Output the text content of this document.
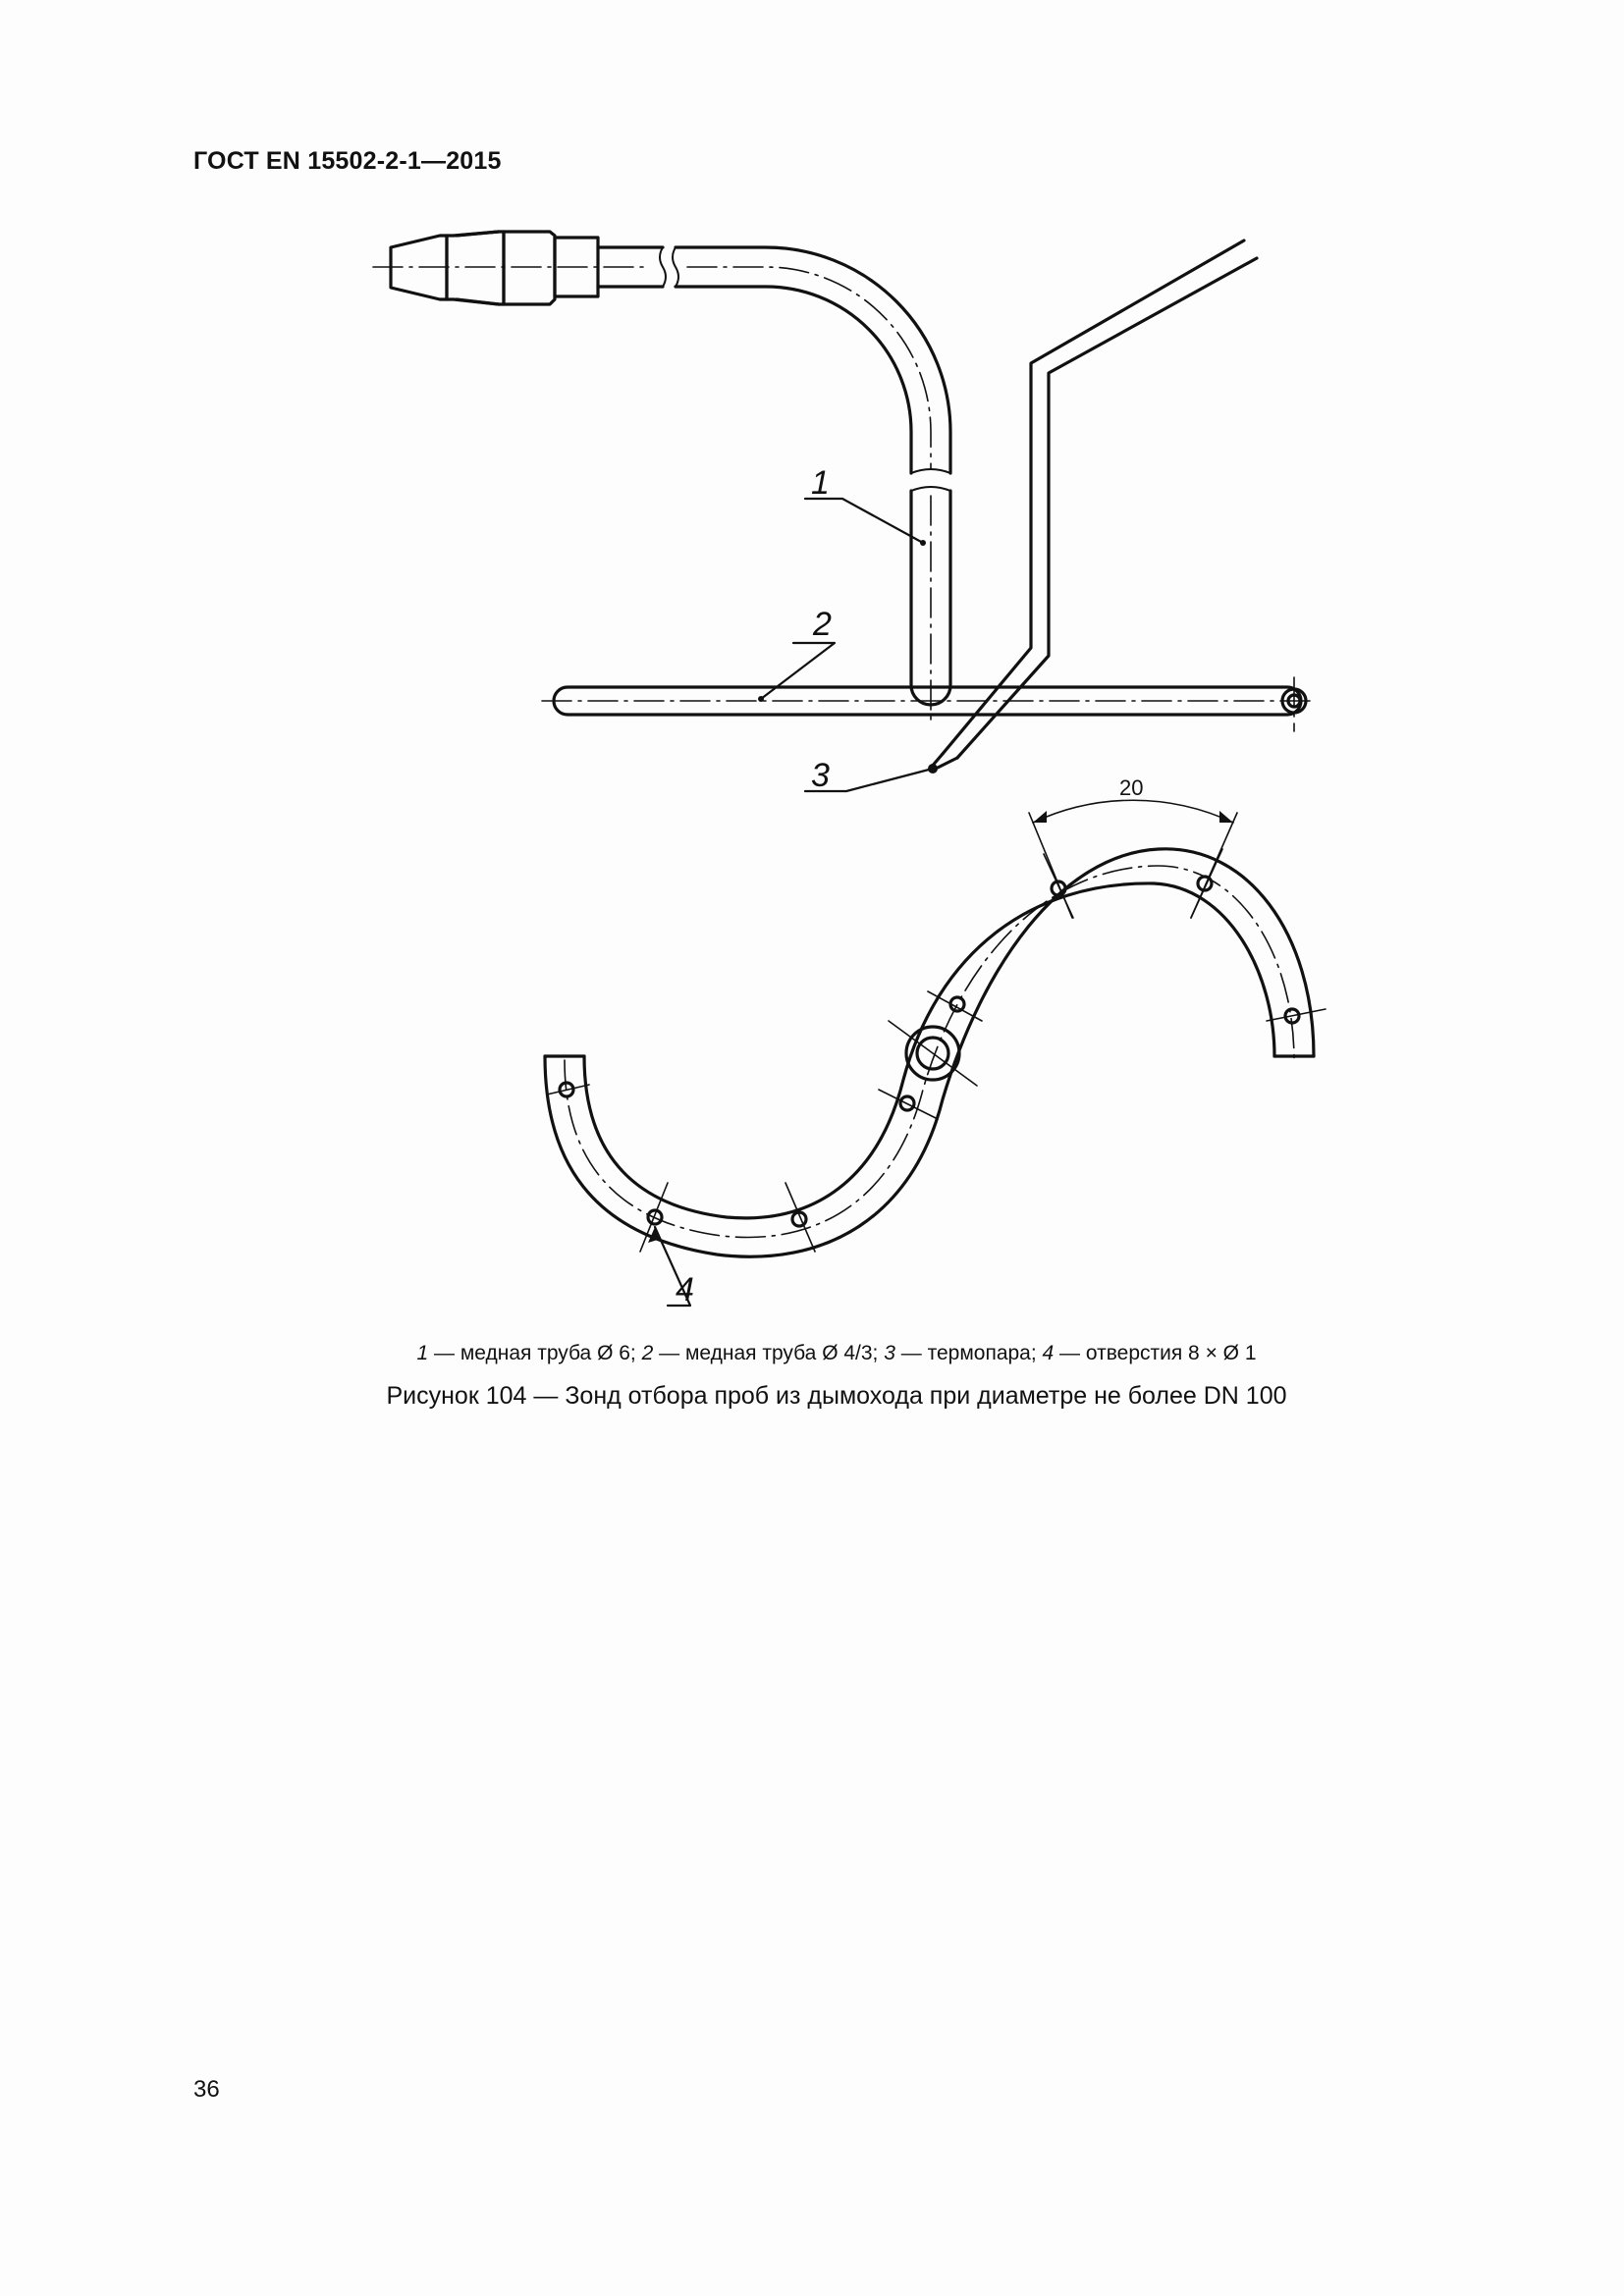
ГОСТ EN 15502-2-1—2015
1
2
3
4
20
1 — медная труба Ø 6; 2 — медная труба Ø 4/3; 3 — термопара; 4 — отверстия 8 × Ø 1
Рисунок 104 — Зонд отбора проб из дымохода при диаметре не более DN 100
36
